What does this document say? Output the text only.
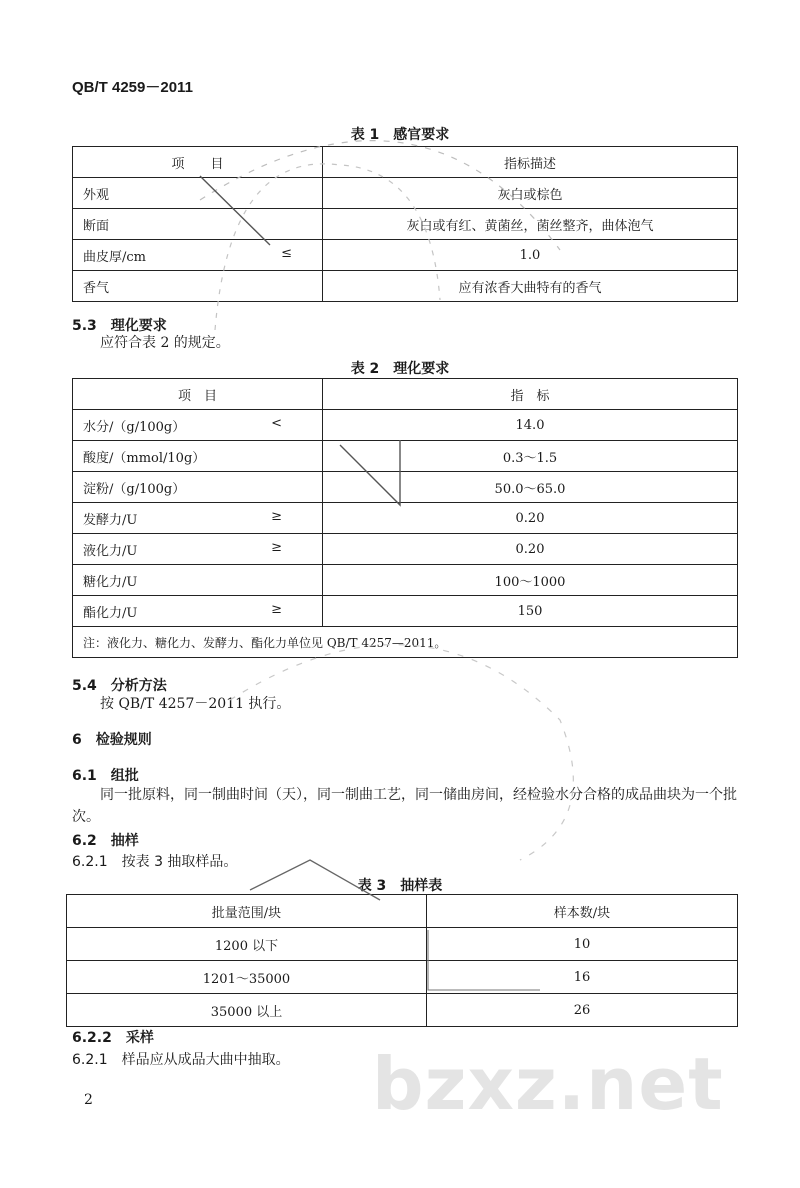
QB/T 4259－2011
表 1　感官要求
项　　目	指标描述
外观	灰白或棕色
断面	灰白或有红、黄菌丝，菌丝整齐，曲体泡气
曲皮厚/cm ≤	1.0
香气	应有浓香大曲特有的香气
5.3　理化要求
应符合表 2 的规定。
表 2　理化要求
项　目	指　标
水分/（g/100g） <	14.0
酸度/（mmol/10g）	0.3～1.5
淀粉/（g/100g）	50.0～65.0
发酵力/U ≥	0.20
液化力/U ≥	0.20
糖化力/U	100～1000
酯化力/U ≥	150
注：液化力、糖化力、发酵力、酯化力单位见 QB/T 4257—2011。	
5.4　分析方法
按 QB/T 4257－2011 执行。
6　检验规则
6.1　组批
同一批原料，同一制曲时间（天），同一制曲工艺，同一储曲房间，经检验水分合格的成品曲块为一个批次。
6.2　抽样
6.2.1　按表 3 抽取样品。
表 3　抽样表
批量范围/块	样本数/块
1200 以下	10
1201～35000	16
35000 以上	26
6.2.2　采样
6.2.1　样品应从成品大曲中抽取。
2	bzxz.net
